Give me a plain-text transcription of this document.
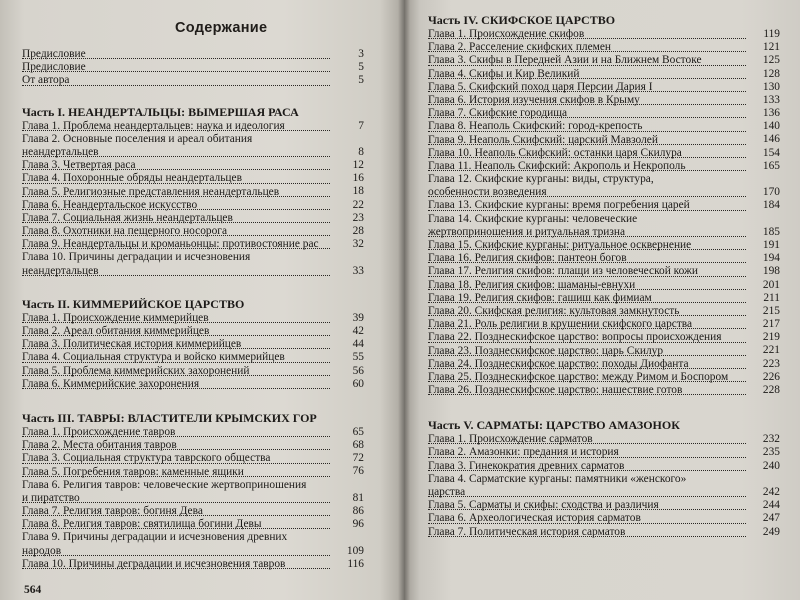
Содержание
Предисловие	3
Предисловие	5
От автора	5
Часть I. НЕАНДЕРТАЛЬЦЫ: ВЫМЕРШАЯ РАСА
Глава 1. Проблема неандертальцев: наука и идеология	7
Глава 2. Основные поселения и ареал обитания
неандертальцев	8
Глава 3. Четвертая раса	12
Глава 4. Похоронные обряды неандертальцев	16
Глава 5. Религиозные представления неандертальцев	18
Глава 6. Неандертальское искусство	22
Глава 7. Социальная жизнь неандертальцев	23
Глава 8. Охотники на пещерного носорога	28
Глава 9. Неандертальцы и кроманьонцы: противостояние рас	32
Глава 10. Причины деградации и исчезновения
неандертальцев	33
Часть II. КИММЕРИЙСКОЕ ЦАРСТВО
Глава 1. Происхождение киммерийцев	39
Глава 2. Ареал обитания киммерийцев	42
Глава 3. Политическая история киммерийцев	44
Глава 4. Социальная структура и войско киммерийцев	55
Глава 5. Проблема киммерийских захоронений	56
Глава 6. Киммерийские захоронения	60
Часть III. ТАВРЫ: ВЛАСТИТЕЛИ КРЫМСКИХ ГОР
Глава 1. Происхождение тавров	65
Глава 2. Места обитания тавров	68
Глава 3. Социальная структура таврского общества	72
Глава 5. Погребения тавров: каменные ящики	76
Глава 6. Религия тавров: человеческие жертвоприношения
и пиратство	81
Глава 7. Религия тавров: богиня Дева	86
Глава 8. Религия тавров: святилища богини Девы	96
Глава 9. Причины деградации и исчезновения древних
народов	109
Глава 10. Причины деградации и исчезновения тавров	116
564
Часть IV. СКИФСКОЕ ЦАРСТВО
Глава 1. Происхождение скифов	119
Глава 2. Расселение скифских племен	121
Глава 3. Скифы в Передней Азии и на Ближнем Востоке	125
Глава 4. Скифы и Кир Великий	128
Глава 5. Скифский поход царя Персии Дария I	130
Глава 6. История изучения скифов в Крыму	133
Глава 7. Скифские городища	136
Глава 8. Неаполь Скифский: город-крепость	140
Глава 9. Неаполь Скифский: царский Мавзолей	146
Глава 10. Неаполь Скифский: останки царя Скилура	154
Глава 11. Неаполь Скифский: Акрополь и Некрополь	165
Глава 12. Скифские курганы: виды, структура,
особенности возведения	170
Глава 13. Скифские курганы: время погребения царей	184
Глава 14. Скифские курганы: человеческие
жертвоприношения и ритуальная тризна	185
Глава 15. Скифские курганы: ритуальное осквернение	191
Глава 16. Религия скифов: пантеон богов	194
Глава 17. Религия скифов: плащи из человеческой кожи	198
Глава 18. Религия скифов: шаманы-евнухи	201
Глава 19. Религия скифов: гашиш как фимиам	211
Глава 20. Скифская религия: культовая замкнутость	215
Глава 21. Роль религии в крушении скифского царства	217
Глава 22. Позднескифское царство: вопросы происхождения	219
Глава 23. Позднескифское царство: царь Скилур	221
Глава 24. Позднескифское царство: походы Диофанта	223
Глава 25. Позднескифское царство: между Римом и Боспором	226
Глава 26. Позднескифское царство: нашествие готов	228
Часть V. САРМАТЫ: ЦАРСТВО АМАЗОНОК
Глава 1. Происхождение сарматов	232
Глава 2. Амазонки: предания и история	235
Глава 3. Гинекократия древних сарматов	240
Глава 4. Сарматские курганы: памятники «женского»
царства	242
Глава 5. Сарматы и скифы: сходства и различия	244
Глава 6. Археологическая история сарматов	247
Глава 7. Политическая история сарматов	249
